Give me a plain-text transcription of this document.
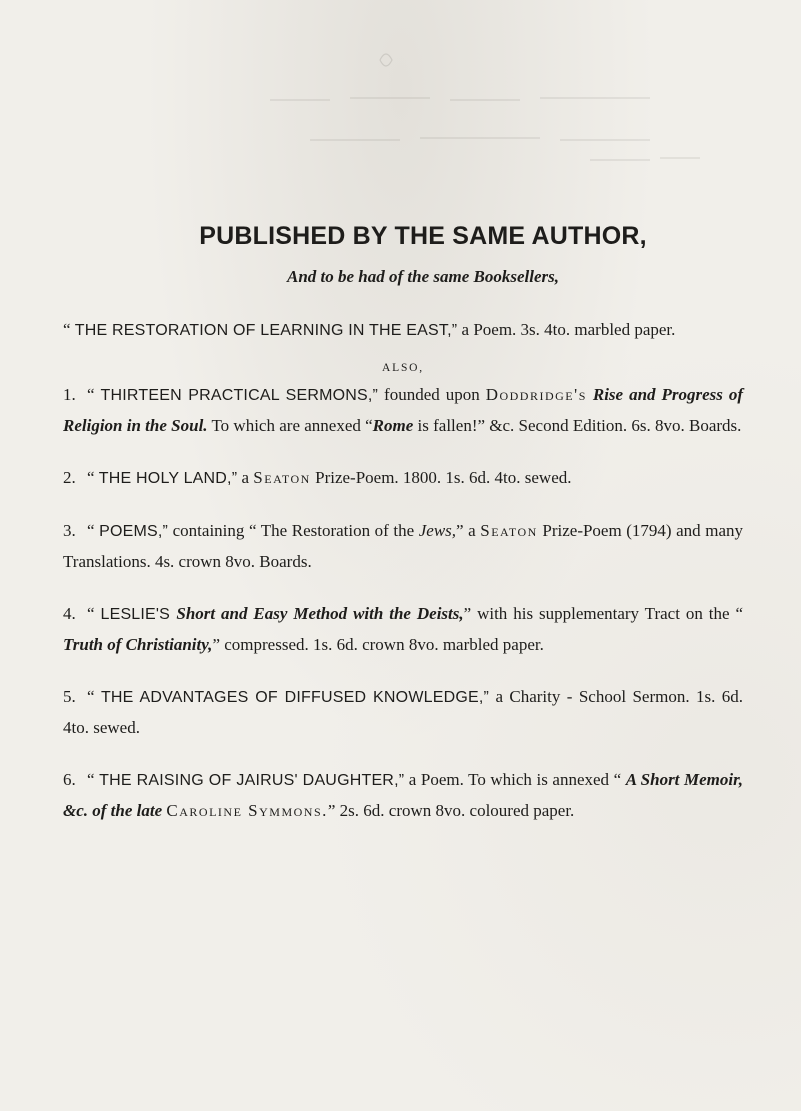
PUBLISHED BY THE SAME AUTHOR,
And to be had of the same Booksellers,
“ THE RESTORATION OF LEARNING IN THE EAST,” a Poem. 3s. 4to. marbled paper.
ALSO,
1. “ THIRTEEN PRACTICAL SERMONS,” founded upon Doddridge's Rise and Progress of Religion in the Soul. To which are annexed “Rome is fallen!” &c. Second Edition. 6s. 8vo. Boards.
2. “ THE HOLY LAND,” a Seaton Prize-Poem. 1800. 1s. 6d. 4to. sewed.
3. “ POEMS,” containing “ The Restoration of the Jews,” a Seaton Prize-Poem (1794) and many Translations. 4s. crown 8vo. Boards.
4. “ LESLIE'S Short and Easy Method with the Deists,” with his supplementary Tract on the “ Truth of Christianity,” compressed. 1s. 6d. crown 8vo. marbled paper.
5. “ THE ADVANTAGES OF DIFFUSED KNOWLEDGE,” a Charity - School Sermon. 1s. 6d. 4to. sewed.
6. “ THE RAISING OF JAIRUS' DAUGHTER,” a Poem. To which is annexed “ A Short Memoir, &c. of the late Caroline Symmons.” 2s. 6d. crown 8vo. coloured paper.
